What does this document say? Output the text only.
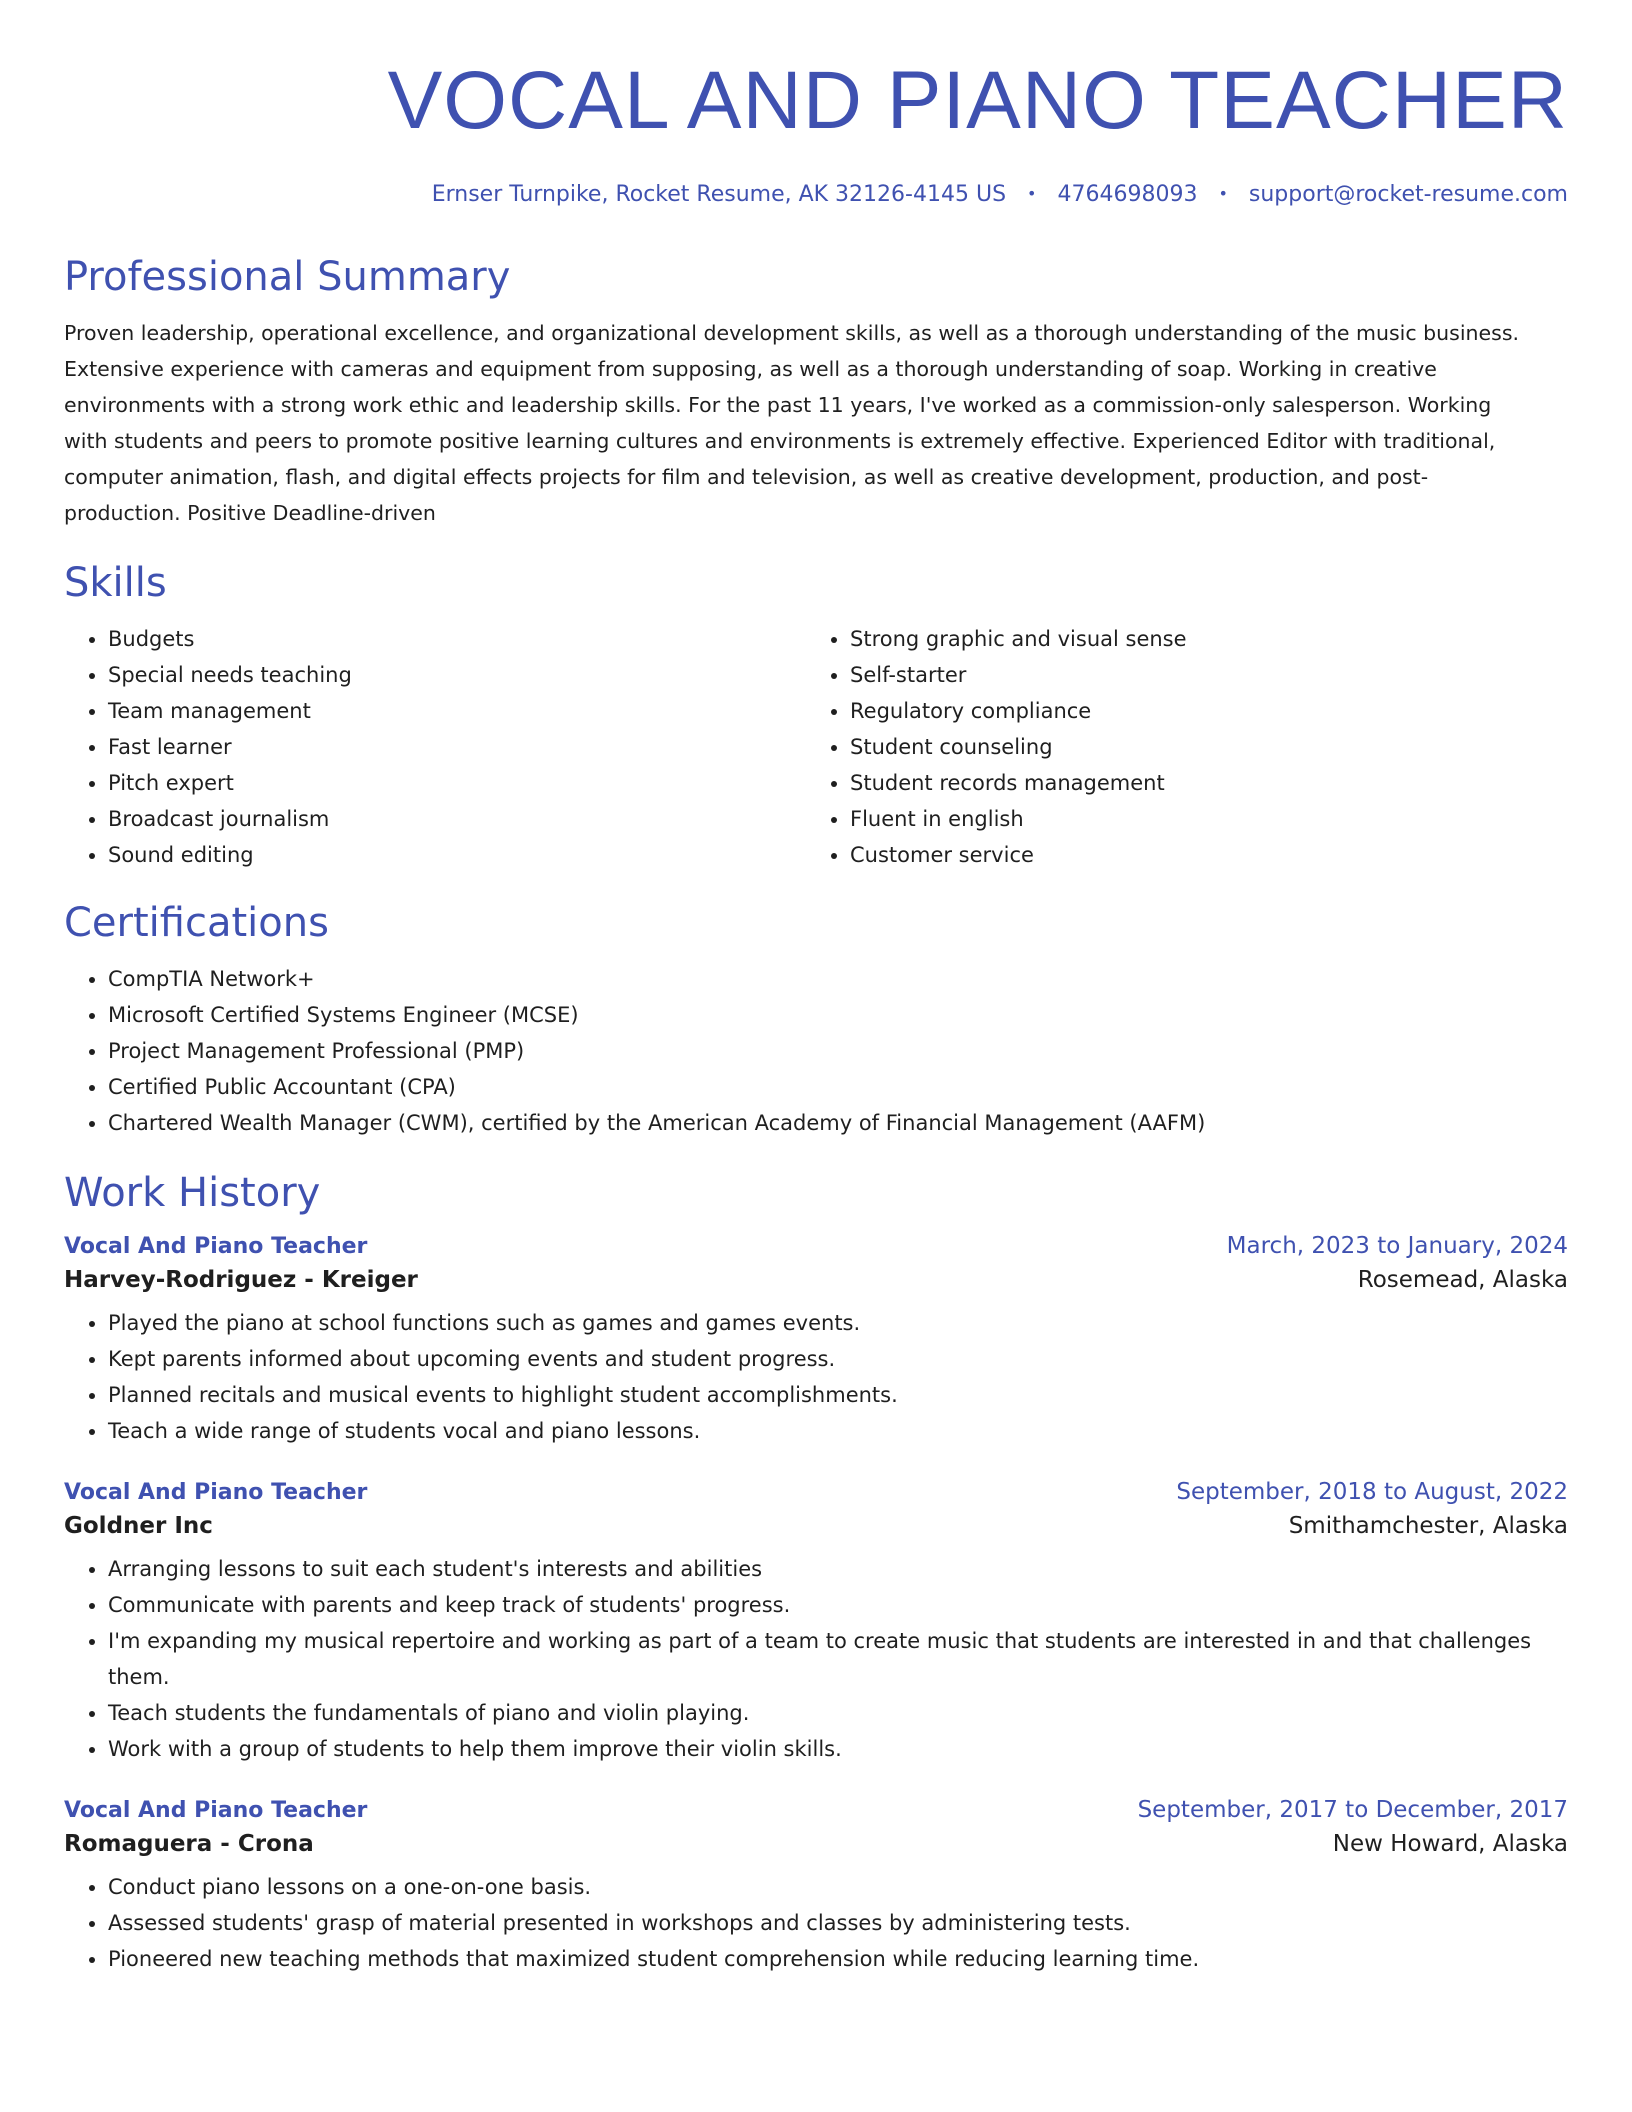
VOCAL AND PIANO TEACHER
Ernser Turnpike, Rocket Resume, AK 32126-4145 US • 4764698093 • support@rocket-resume.com
Professional Summary
Proven leadership, operational excellence, and organizational development skills, as well as a thorough understanding of the music business.
Extensive experience with cameras and equipment from supposing, as well as a thorough understanding of soap. Working in creative
environments with a strong work ethic and leadership skills. For the past 11 years, I've worked as a commission-only salesperson. Working
with students and peers to promote positive learning cultures and environments is extremely effective. Experienced Editor with traditional,
computer animation, flash, and digital effects projects for film and television, as well as creative development, production, and post-
production. Positive Deadline-driven
Skills
• Budgets
• Special needs teaching
• Team management
• Fast learner
• Pitch expert
• Broadcast journalism
• Sound editing
• Strong graphic and visual sense
• Self-starter
• Regulatory compliance
• Student counseling
• Student records management
• Fluent in english
• Customer service
Certifications
• CompTIA Network+
• Microsoft Certified Systems Engineer (MCSE)
• Project Management Professional (PMP)
• Certified Public Accountant (CPA)
• Chartered Wealth Manager (CWM), certified by the American Academy of Financial Management (AAFM)
Work History
Vocal And Piano Teacher	March, 2023 to January, 2024
Harvey-Rodriguez - Kreiger	Rosemead, Alaska
• Played the piano at school functions such as games and games events.
• Kept parents informed about upcoming events and student progress.
• Planned recitals and musical events to highlight student accomplishments.
• Teach a wide range of students vocal and piano lessons.
Vocal And Piano Teacher	September, 2018 to August, 2022
Goldner Inc	Smithamchester, Alaska
• Arranging lessons to suit each student's interests and abilities
• Communicate with parents and keep track of students' progress.
• I'm expanding my musical repertoire and working as part of a team to create music that students are interested in and that challenges them.
• Teach students the fundamentals of piano and violin playing.
• Work with a group of students to help them improve their violin skills.
Vocal And Piano Teacher	September, 2017 to December, 2017
Romaguera - Crona	New Howard, Alaska
• Conduct piano lessons on a one-on-one basis.
• Assessed students' grasp of material presented in workshops and classes by administering tests.
• Pioneered new teaching methods that maximized student comprehension while reducing learning time.
